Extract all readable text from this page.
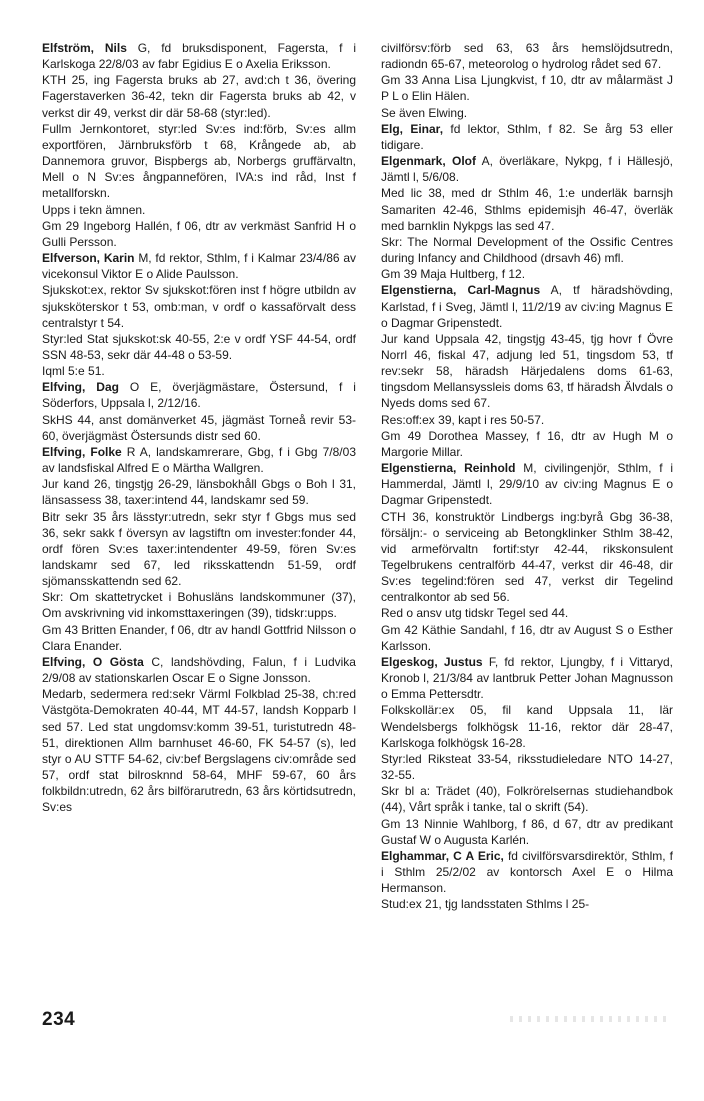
Elfström, Nils G, fd bruksdisponent, Fagersta, f i Karlskoga 22/8/03 av fabr Egidius E o Axelia Eriksson.

KTH 25, ing Fagersta bruks ab 27, avd:ch t 36, övering Fagerstaverken 36-42, tekn dir Fagersta bruks ab 42, v verkst dir 49, verkst dir där 58-68 (styr:led).

Fullm Jernkontoret, styr:led Sv:es ind:förb, Sv:es allm exportfören, Järnbruksförb t 68, Krångede ab, ab Dannemora gruvor, Bispbergs ab, Norbergs gruffärvaltn, Mell o N Sv:es ångpannefören, IVA:s ind råd, Inst f metallforskn.

Upps i tekn ämnen.

Gm 29 Ingeborg Hallén, f 06, dtr av verkmäst Sanfrid H o Gulli Persson.

Elfverson, Karin M, fd rektor, Sthlm, f i Kalmar 23/4/86 av vicekonsul Viktor E o Alide Paulsson.

Sjukskot:ex, rektor Sv sjukskot:fören inst f högre utbildn av sjuksköterskor t 53, omb:man, v ordf o kassaförvalt dess centralstyr t 54.

Styr:led Stat sjukskot:sk 40-55, 2:e v ordf YSF 44-54, ordf SSN 48-53, sekr där 44-48 o 53-59.

Iqml 5:e 51.

Elfving, Dag O E, överjägmästare, Östersund, f i Söderfors, Uppsala l, 2/12/16.

SkHS 44, anst domänverket 45, jägmäst Torneå revir 53-60, överjägmäst Östersunds distr sed 60.

Elfving, Folke R A, landskamrerare, Gbg, f i Gbg 7/8/03 av landsfiskal Alfred E o Märtha Wallgren.

Jur kand 26, tingstjg 26-29, länsbokhåll Gbgs o Boh l 31, länsassess 38, taxer:intend 44, landskamr sed 59.

Bitr sekr 35 års lässtyr:utredn, sekr styr f Gbgs mus sed 36, sekr sakk f översyn av lagstiftn om invester:fonder 44, ordf fören Sv:es taxer:intendenter 49-59, fören Sv:es landskamr sed 67, led riksskattendn 51-59, ordf sjömansskattendn sed 62.

Skr: Om skattetrycket i Bohusläns landskommuner (37), Om avskrivning vid inkomsttaxeringen (39), tidskr:upps.

Gm 43 Britten Enander, f 06, dtr av handl Gottfrid Nilsson o Clara Enander.

Elfving, O Gösta C, landshövding, Falun, f i Ludvika 2/9/08 av stationskarlen Oscar E o Signe Jonsson.

Medarb, sedermera red:sekr Värml Folkblad 25-38, ch:red Västgöta-Demokraten 40-44, MT 44-57, landsh Kopparb l sed 57. Led stat ungdomsv:komm 39-51, turistutredn 48-51, direktionen Allm barnhuset 46-60, FK 54-57 (s), led styr o AU STTF 54-62, civ:bef Bergslagens civ:område sed 57, ordf stat bilrosknnd 58-64, MHF 59-67, 60 års folkbildn:utredn, 62 års bilförarutredn, 63 års körtidsutredn, Sv:es

civilförsv:förb sed 63, 63 års hemslöjdsutredn, radiondn 65-67, meteorolog o hydrolog rådet sed 67.

Gm 33 Anna Lisa Ljungkvist, f 10, dtr av målarmäst J P L o Elin Hälen.

Se även Elwing.

Elg, Einar, fd lektor, Sthlm, f 82. Se årg 53 eller tidigare.

Elgenmark, Olof A, överläkare, Nykpg, f i Hällesjö, Jämtl l, 5/6/08.

Med lic 38, med dr Sthlm 46, 1:e underläk barnsjh Samariten 42-46, Sthlms epidemisjh 46-47, överläk med barnklin Nykpgs las sed 47.

Skr: The Normal Development of the Ossific Centres during Infancy and Childhood (drsavh 46) mfl.

Gm 39 Maja Hultberg, f 12.

Elgenstierna, Carl-Magnus A, tf häradshövding, Karlstad, f i Sveg, Jämtl l, 11/2/19 av civ:ing Magnus E o Dagmar Gripenstedt.

Jur kand Uppsala 42, tingstjg 43-45, tjg hovr f Övre Norrl 46, fiskal 47, adjung led 51, tingsdom 53, tf rev:sekr 58, häradsh Härjedalens doms 61-63, tingsdom Mellansyssleis doms 63, tf häradsh Älvdals o Nyeds doms sed 67.

Res:off:ex 39, kapt i res 50-57.

Gm 49 Dorothea Massey, f 16, dtr av Hugh M o Margorie Millar.

Elgenstierna, Reinhold M, civilingenjör, Sthlm, f i Hammerdal, Jämtl l, 29/9/10 av civ:ing Magnus E o Dagmar Gripenstedt.

CTH 36, konstruktör Lindbergs ing:byrå Gbg 36-38, försäljn:- o serviceing ab Betongklinker Sthlm 38-42, vid armeförvaltn fortif:styr 42-44, rikskonsulent Tegelbrukens centralförb 44-47, verkst dir 46-48, dir Sv:es tegelind:fören sed 47, verkst dir Tegelind centralkontor ab sed 56.

Red o ansv utg tidskr Tegel sed 44.

Gm 42 Käthie Sandahl, f 16, dtr av August S o Esther Karlsson.

Elgeskog, Justus F, fd rektor, Ljungby, f i Vittaryd, Kronob l, 21/3/84 av lantbruk Petter Johan Magnusson o Emma Pettersdtr.

Folkskollär:ex 05, fil kand Uppsala 11, lär Wendelsbergs folkhögsk 11-16, rektor där 28-47, Karlskoga folkhögsk 16-28.

Styr:led Riksteat 33-54, riksstudieledare NTO 14-27, 32-55.

Skr bl a: Trädet (40), Folkrörelsernas studiehandbok (44), Vårt språk i tanke, tal o skrift (54).

Gm 13 Ninnie Wahlborg, f 86, d 67, dtr av predikant Gustaf W o Augusta Karlén.

Elghammar, C A Eric, fd civilförsvarsdirektör, Sthlm, f i Sthlm 25/2/02 av kontorsch Axel E o Hilma Hermanson.

Stud:ex 21, tjg landsstaten Sthlms l 25-

234
